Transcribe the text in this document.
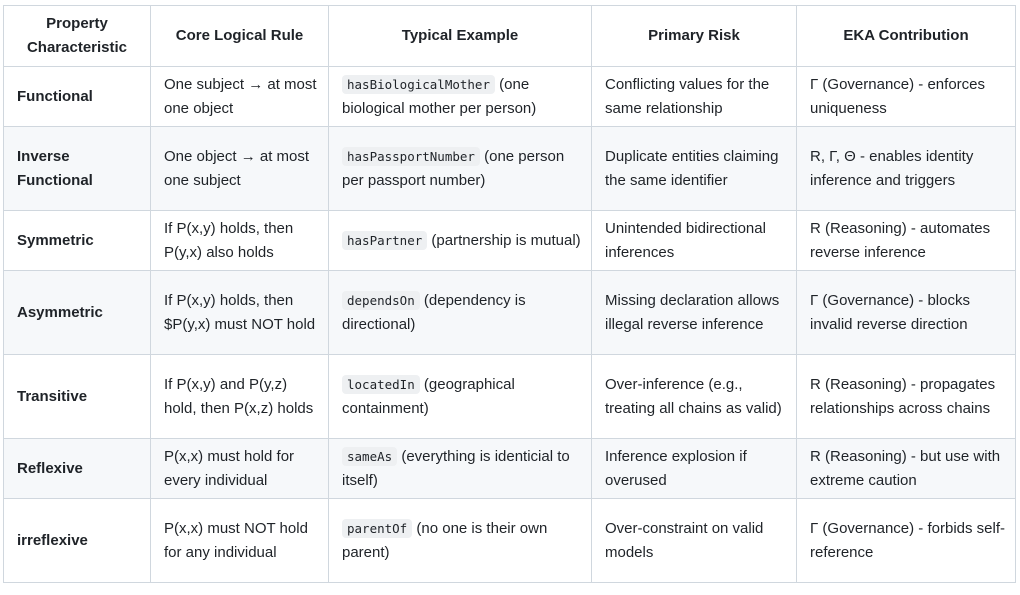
Property Characteristic	Core Logical Rule	Typical Example	Primary Risk	EKA Contribution
Functional	One subject → at most one object	hasBiologicalMother (one biological mother per person)	Conflicting values for the same relationship	Γ (Governance) - enforces uniqueness
Inverse Functional	One object → at most one subject	hasPassportNumber (one person per passport number)	Duplicate entities claiming the same identifier	R, Γ, Θ - enables identity inference and triggers
Symmetric	If P(x,y) holds, then P(y,x) also holds	hasPartner (partnership is mutual)	Unintended bidirectional inferences	R (Reasoning) - automates reverse inference
Asymmetric	If P(x,y) holds, then $P(y,x) must NOT hold	dependsOn (dependency is directional)	Missing declaration allows illegal reverse inference	Γ (Governance) - blocks invalid reverse direction
Transitive	If P(x,y) and P(y,z) hold, then P(x,z) holds	locatedIn (geographical containment)	Over-inference (e.g., treating all chains as valid)	R (Reasoning) - propagates relationships across chains
Reflexive	P(x,x) must hold for every individual	sameAs (everything is identicial to itself)	Inference explosion if overused	R (Reasoning) - but use with extreme caution
irreflexive	P(x,x) must NOT hold for any individual	parentOf (no one is their own parent)	Over-constraint on valid models	Γ (Governance) - forbids self-reference
